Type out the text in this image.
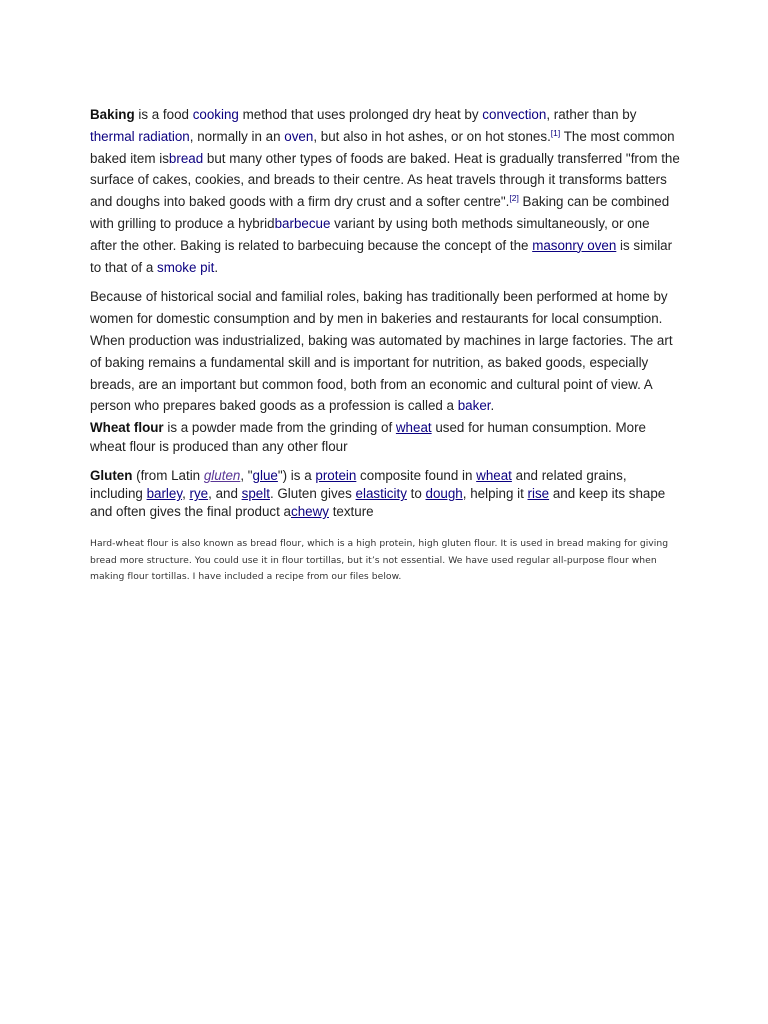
Baking is a food cooking method that uses prolonged dry heat by convection, rather than by thermal radiation, normally in an oven, but also in hot ashes, or on hot stones.[1] The most common baked item isbread but many other types of foods are baked. Heat is gradually transferred "from the surface of cakes, cookies, and breads to their centre. As heat travels through it transforms batters and doughs into baked goods with a firm dry crust and a softer centre".[2] Baking can be combined with grilling to produce a hybridbarbecue variant by using both methods simultaneously, or one after the other. Baking is related to barbecuing because the concept of the masonry oven is similar to that of a smoke pit.

Because of historical social and familial roles, baking has traditionally been performed at home by women for domestic consumption and by men in bakeries and restaurants for local consumption. When production was industrialized, baking was automated by machines in large factories. The art of baking remains a fundamental skill and is important for nutrition, as baked goods, especially breads, are an important but common food, both from an economic and cultural point of view. A person who prepares baked goods as a profession is called a baker.

Wheat flour is a powder made from the grinding of wheat used for human consumption. More wheat flour is produced than any other flour

Gluten (from Latin gluten, "glue") is a protein composite found in wheat and related grains, including barley, rye, and spelt. Gluten gives elasticity to dough, helping it rise and keep its shape and often gives the final product achewy texture

Hard-wheat flour is also known as bread flour, which is a high protein, high gluten flour. It is used in bread making for giving bread more structure. You could use it in flour tortillas, but it’s not essential. We have used regular all-purpose flour when making flour tortillas. I have included a recipe from our files below.
